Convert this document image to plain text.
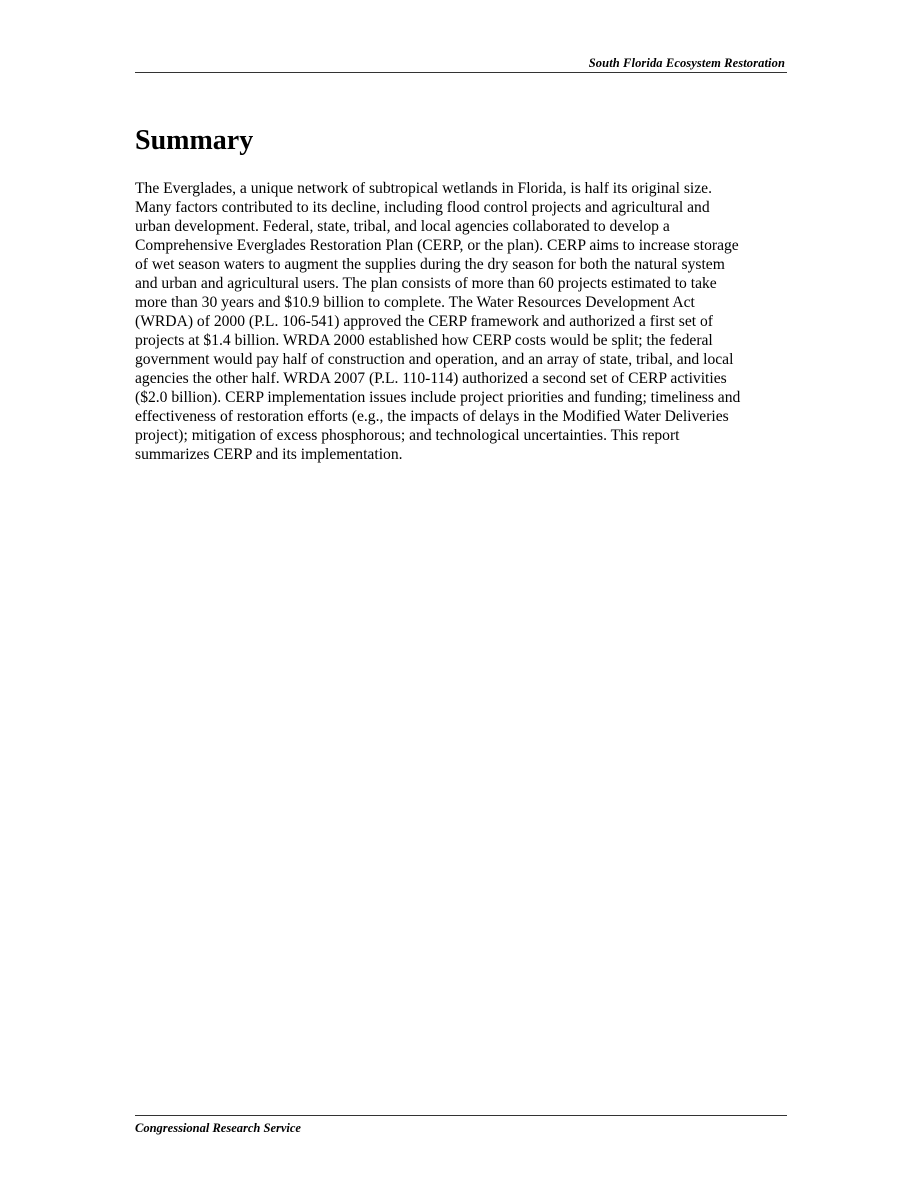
South Florida Ecosystem Restoration
Summary
The Everglades, a unique network of subtropical wetlands in Florida, is half its original size.
Many factors contributed to its decline, including flood control projects and agricultural and
urban development. Federal, state, tribal, and local agencies collaborated to develop a
Comprehensive Everglades Restoration Plan (CERP, or the plan). CERP aims to increase storage
of wet season waters to augment the supplies during the dry season for both the natural system
and urban and agricultural users. The plan consists of more than 60 projects estimated to take
more than 30 years and $10.9 billion to complete. The Water Resources Development Act
(WRDA) of 2000 (P.L. 106-541) approved the CERP framework and authorized a first set of
projects at $1.4 billion. WRDA 2000 established how CERP costs would be split; the federal
government would pay half of construction and operation, and an array of state, tribal, and local
agencies the other half. WRDA 2007 (P.L. 110-114) authorized a second set of CERP activities
($2.0 billion). CERP implementation issues include project priorities and funding; timeliness and
effectiveness of restoration efforts (e.g., the impacts of delays in the Modified Water Deliveries
project); mitigation of excess phosphorous; and technological uncertainties. This report
summarizes CERP and its implementation.
Congressional Research Service
